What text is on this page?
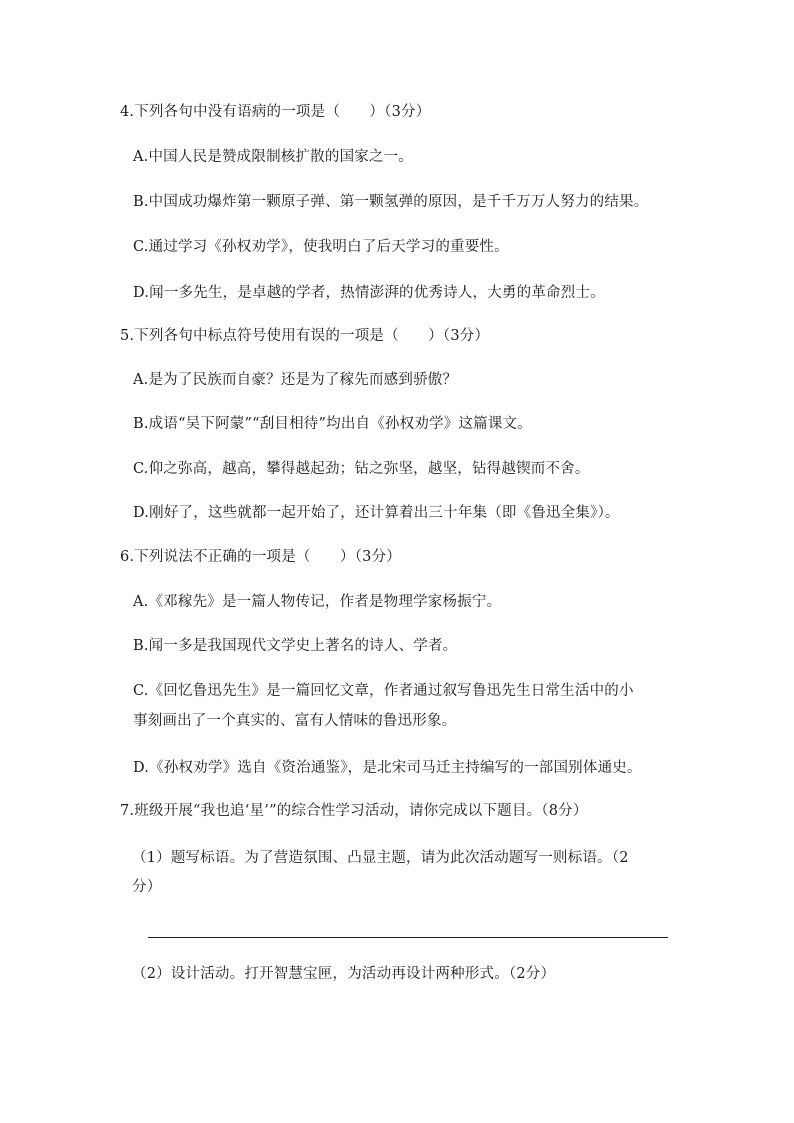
4.下列各句中没有语病的一项是（　　）（3分）
A.中国人民是赞成限制核扩散的国家之一。
B.中国成功爆炸第一颗原子弹、第一颗氢弹的原因，是千千万万人努力的结果。
C.通过学习《孙权劝学》，使我明白了后天学习的重要性。
D.闻一多先生，是卓越的学者，热情澎湃的优秀诗人，大勇的革命烈士。
5.下列各句中标点符号使用有误的一项是（　　）（3分）
A.是为了民族而自豪？还是为了稼先而感到骄傲？
B.成语“吴下阿蒙”“刮目相待”均出自《孙权劝学》这篇课文。
C.仰之弥高，越高，攀得越起劲；钻之弥坚，越坚，钻得越锲而不舍。
D.刚好了，这些就都一起开始了，还计算着出三十年集（即《鲁迅全集》）。
6.下列说法不正确的一项是（　　）（3分）
A.《邓稼先》是一篇人物传记，作者是物理学家杨振宁。
B.闻一多是我国现代文学史上著名的诗人、学者。
C.《回忆鲁迅先生》是一篇回忆文章，作者通过叙写鲁迅先生日常生活中的小
事刻画出了一个真实的、富有人情味的鲁迅形象。
D.《孙权劝学》选自《资治通鉴》，是北宋司马迁主持编写的一部国别体通史。
7.班级开展“我也追‘星’”的综合性学习活动，请你完成以下题目。（8分）
（1）题写标语。为了营造氛围、凸显主题，请为此次活动题写一则标语。（2
分）
（2）设计活动。打开智慧宝匣，为活动再设计两种形式。（2分）
